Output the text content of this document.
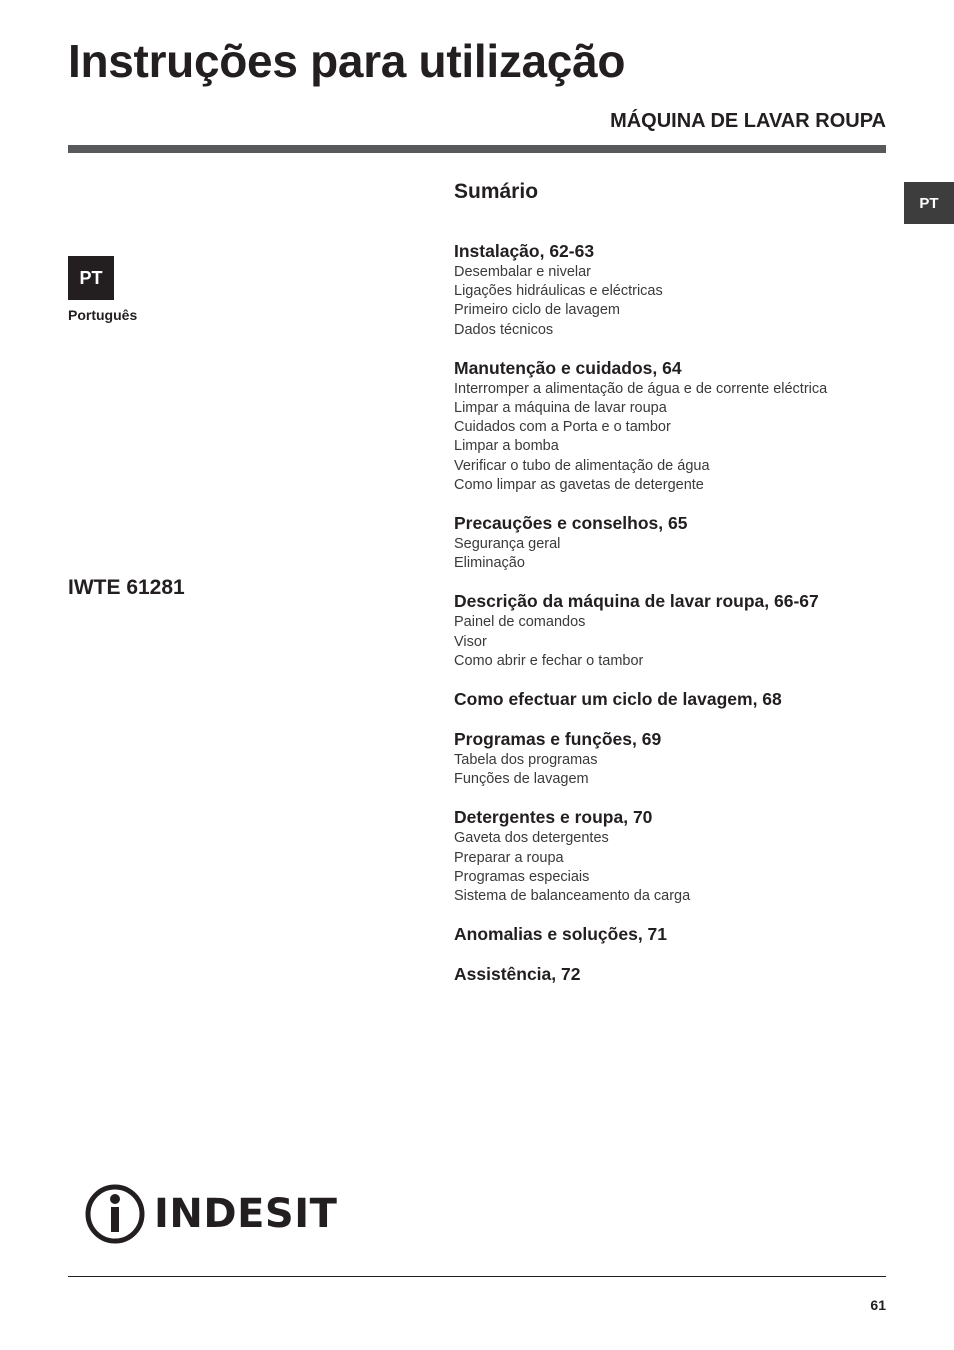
Instruções para utilização
MÁQUINA DE LAVAR ROUPA
PT
PT
Português
IWTE 61281
Sumário
Instalação, 62-63
Desembalar e nivelar
Ligações hidráulicas e eléctricas
Primeiro ciclo de lavagem
Dados técnicos
Manutenção e cuidados, 64
Interromper a alimentação de água e de corrente eléctrica
Limpar a máquina de lavar roupa
Cuidados com a Porta e o tambor
Limpar a bomba
Verificar o tubo de alimentação de água
Como limpar as gavetas de detergente
Precauções e conselhos, 65
Segurança geral
Eliminação
Descrição da máquina de lavar roupa, 66-67
Painel de comandos
Visor
Como abrir e fechar o tambor
Como efectuar um ciclo de lavagem, 68
Programas e funções, 69
Tabela dos programas
Funções de lavagem
Detergentes e roupa, 70
Gaveta dos detergentes
Preparar a roupa
Programas especiais
Sistema de balanceamento da carga
Anomalias e soluções, 71
Assistência, 72
INDESIT
61
